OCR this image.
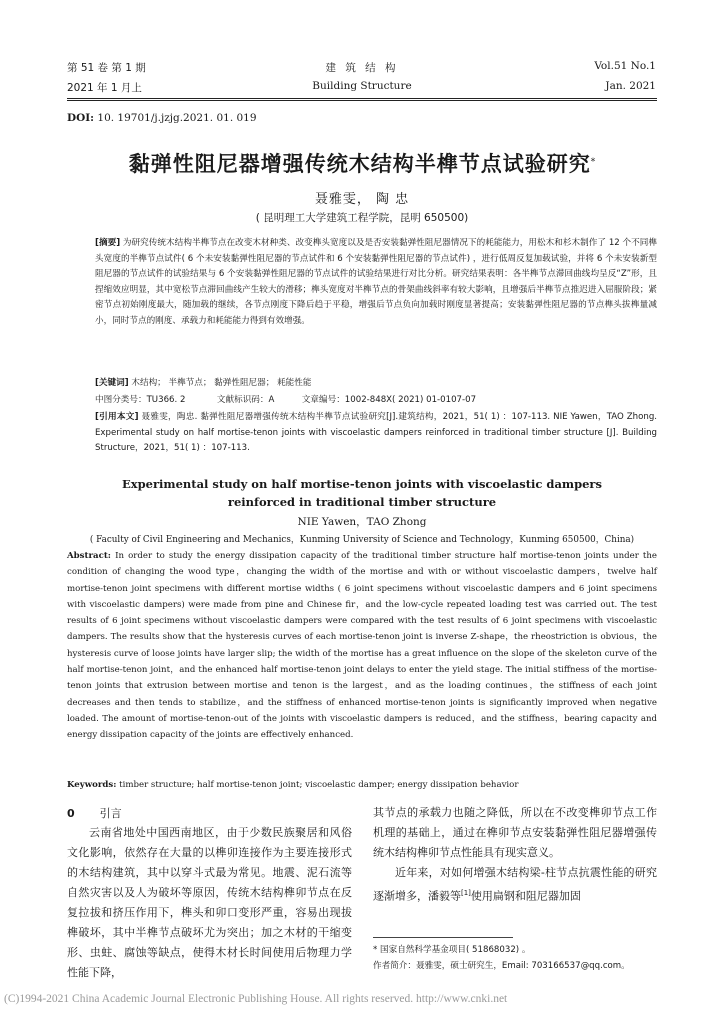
第 51 卷 第 1 期
2021 年 1 月上
建 筑 结 构
Building Structure
Vol.51 No.1
Jan. 2021
DOI: 10. 19701/j.jzjg.2021. 01. 019
黏弹性阻尼器增强传统木结构半榫节点试验研究*
聂雅雯， 陶 忠
( 昆明理工大学建筑工程学院，昆明 650500)
[摘要] 为研究传统木结构半榫节点在改变木材种类、改变榫头宽度以及是否安装黏弹性阻尼器情况下的耗能能力，用松木和杉木制作了 12 个不同榫头宽度的半榫节点试件( 6 个未安装黏弹性阻尼器的节点试件和 6 个安装黏弹性阻尼器的节点试件) ，进行低周反复加载试验，并将 6 个未安装新型阻尼器的节点试件的试验结果与 6 个安装黏弹性阻尼器的节点试件的试验结果进行对比分析。研究结果表明：各半榫节点滞回曲线均呈反“Z”形，且捏缩效应明显，其中宽松节点滞回曲线产生较大的滑移；榫头宽度对半榫节点的骨架曲线斜率有较大影响，且增强后半榫节点推迟进入屈服阶段；紧密节点初始刚度最大，随加载的继续，各节点刚度下降后趋于平稳，增强后节点负向加载时刚度显著提高；安装黏弹性阻尼器的节点榫头拔榫量减小，同时节点的刚度、承载力和耗能能力得到有效增强。
[关键词] 木结构； 半榫节点； 黏弹性阻尼器； 耗能性能
中图分类号：TU366. 2	文献标识码：A	文章编号：1002-848X( 2021) 01-0107-07
[引用本文] 聂雅雯，陶忠. 黏弹性阻尼器增强传统木结构半榫节点试验研究[J].建筑结构，2021，51( 1) ：107-113. NIE Yawen，TAO Zhong. Experimental study on half mortise-tenon joints with viscoelastic dampers reinforced in traditional timber structure [J]. Building Structure，2021，51( 1) ：107-113.
Experimental study on half mortise-tenon joints with viscoelastic dampers reinforced in traditional timber structure
NIE Yawen，TAO Zhong
( Faculty of Civil Engineering and Mechanics，Kunming University of Science and Technology，Kunming 650500，China)
Abstract: In order to study the energy dissipation capacity of the traditional timber structure half mortise-tenon joints under the condition of changing the wood type，changing the width of the mortise and with or without viscoelastic dampers，twelve half mortise-tenon joint specimens with different mortise widths ( 6 joint specimens without viscoelastic dampers and 6 joint specimens with viscoelastic dampers) were made from pine and Chinese fir，and the low-cycle repeated loading test was carried out. The test results of 6 joint specimens without viscoelastic dampers were compared with the test results of 6 joint specimens with viscoelastic dampers. The results show that the hysteresis curves of each mortise-tenon joint is inverse Z-shape，the rheostriction is obvious，the hysteresis curve of loose joints have larger slip; the width of the mortise has a great influence on the slope of the skeleton curve of the half mortise-tenon joint，and the enhanced half mortise-tenon joint delays to enter the yield stage. The initial stiffness of the mortise-tenon joints that extrusion between mortise and tenon is the largest，and as the loading continues，the stiffness of each joint decreases and then tends to stabilize，and the stiffness of enhanced mortise-tenon joints is significantly improved when negative loaded. The amount of mortise-tenon-out of the joints with viscoelastic dampers is reduced，and the stiffness，bearing capacity and energy dissipation capacity of the joints are effectively enhanced.
Keywords: timber structure; half mortise-tenon joint; viscoelastic damper; energy dissipation behavior
0 引言
云南省地处中国西南地区，由于少数民族聚居和风俗文化影响，依然存在大量的以榫卯连接作为主要连接形式的木结构建筑，其中以穿斗式最为常见。地震、泥石流等自然灾害以及人为破坏等原因，传统木结构榫卯节点在反复拉拔和挤压作用下，榫头和卯口变形严重，容易出现拔榫破坏，其中半榫节点破坏尤为突出；加之木材的干缩变形、虫蛀、腐蚀等缺点，使得木材长时间使用后物理力学性能下降，
其节点的承载力也随之降低，所以在不改变榫卯节点工作机理的基础上，通过在榫卯节点安装黏弹性阻尼器增强传统木结构榫卯节点性能具有现实意义。
近年来，对如何增强木结构梁-柱节点抗震性能的研究逐渐增多，潘毅等[1]使用扁钢和阻尼器加固
* 国家自然科学基金项目( 51868032) 。
作者简介：聂雅雯，硕士研究生，Email: 703166537@qq.com。
(C)1994-2021 China Academic Journal Electronic Publishing House. All rights reserved. http://www.cnki.net
